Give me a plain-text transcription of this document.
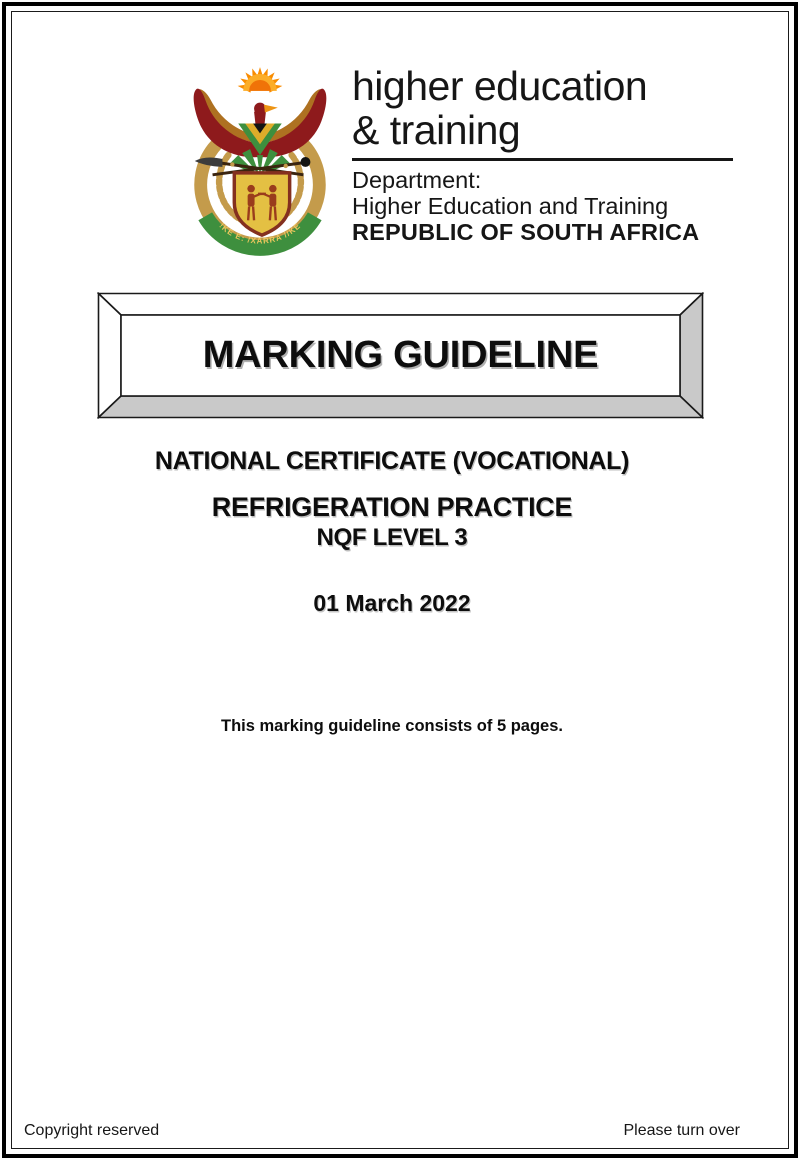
!KE E: /XARRA //KE
higher education
& training
Department:
Higher Education and Training
REPUBLIC OF SOUTH AFRICA
MARKING GUIDELINE
NATIONAL CERTIFICATE (VOCATIONAL)
REFRIGERATION PRACTICE
NQF LEVEL 3
01 March 2022
This marking guideline consists of 5 pages.
Copyright reserved	Please turn over
